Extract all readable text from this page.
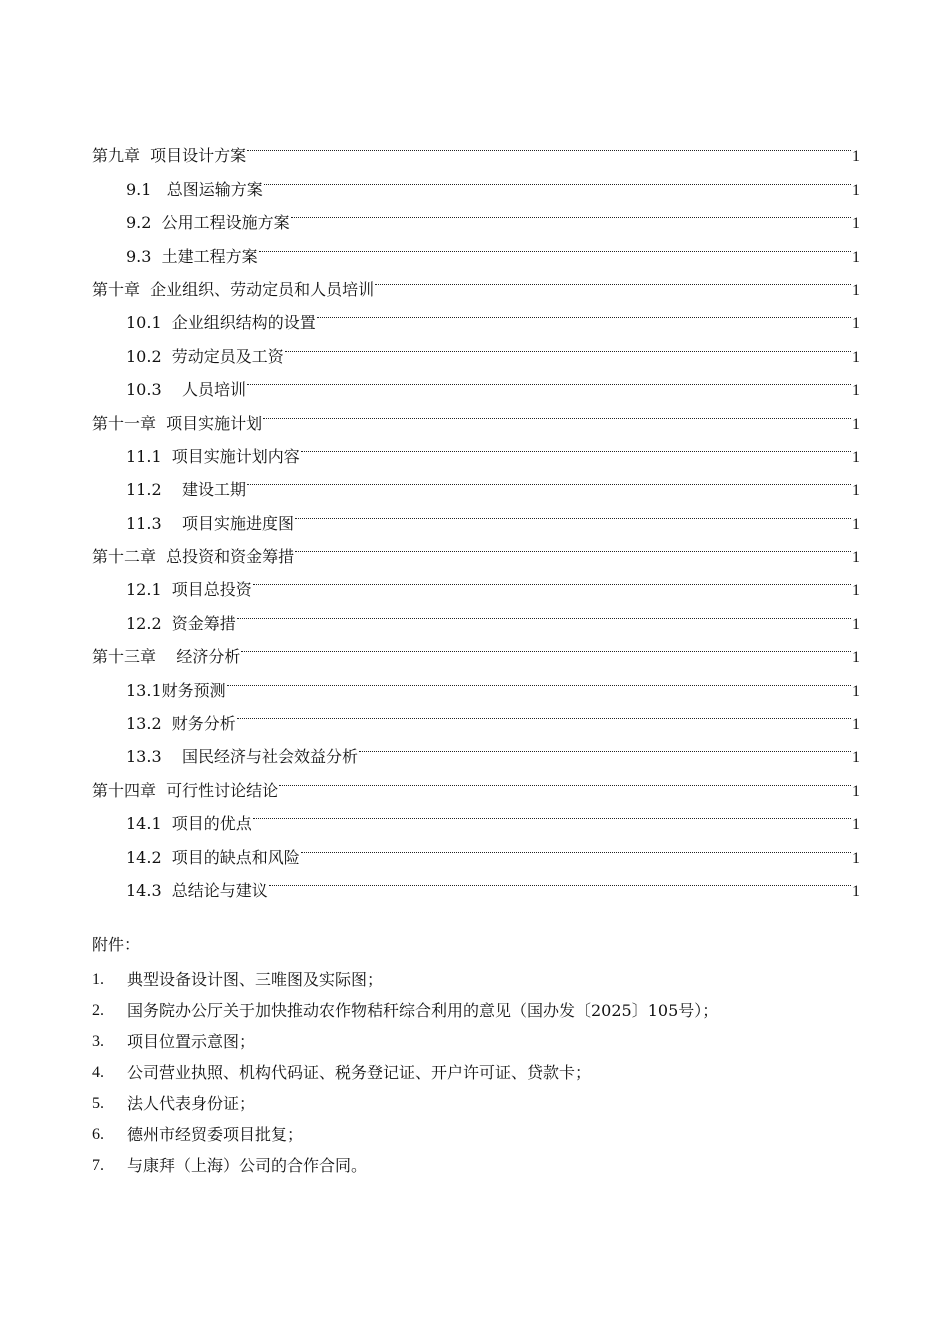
第九章  项目设计方案	1
9.1   总图运输方案	1
9.2  公用工程设施方案	1
9.3  土建工程方案	1
第十章  企业组织、劳动定员和人员培训	1
10.1  企业组织结构的设置	1
10.2  劳动定员及工资	1
10.3    人员培训	1
第十一章  项目实施计划	1
11.1  项目实施计划内容	1
11.2    建设工期	1
11.3    项目实施进度图	1
第十二章  总投资和资金筹措	1
12.1  项目总投资	1
12.2  资金筹措	1
第十三章    经济分析	1
13.1财务预测	1
13.2  财务分析	1
13.3    国民经济与社会效益分析	1
第十四章  可行性讨论结论	1
14.1  项目的优点	1
14.2  项目的缺点和风险	1
14.3  总结论与建议	1
附件：
1.	典型设备设计图、三唯图及实际图；
2.	国务院办公厅关于加快推动农作物秸秆综合利用的意见（国办发〔2025〕105号）；
3.	项目位置示意图；
4.	公司营业执照、机构代码证、税务登记证、开户许可证、贷款卡；
5.	法人代表身份证；
6.	德州市经贸委项目批复；
7.	与康拜（上海）公司的合作合同。
